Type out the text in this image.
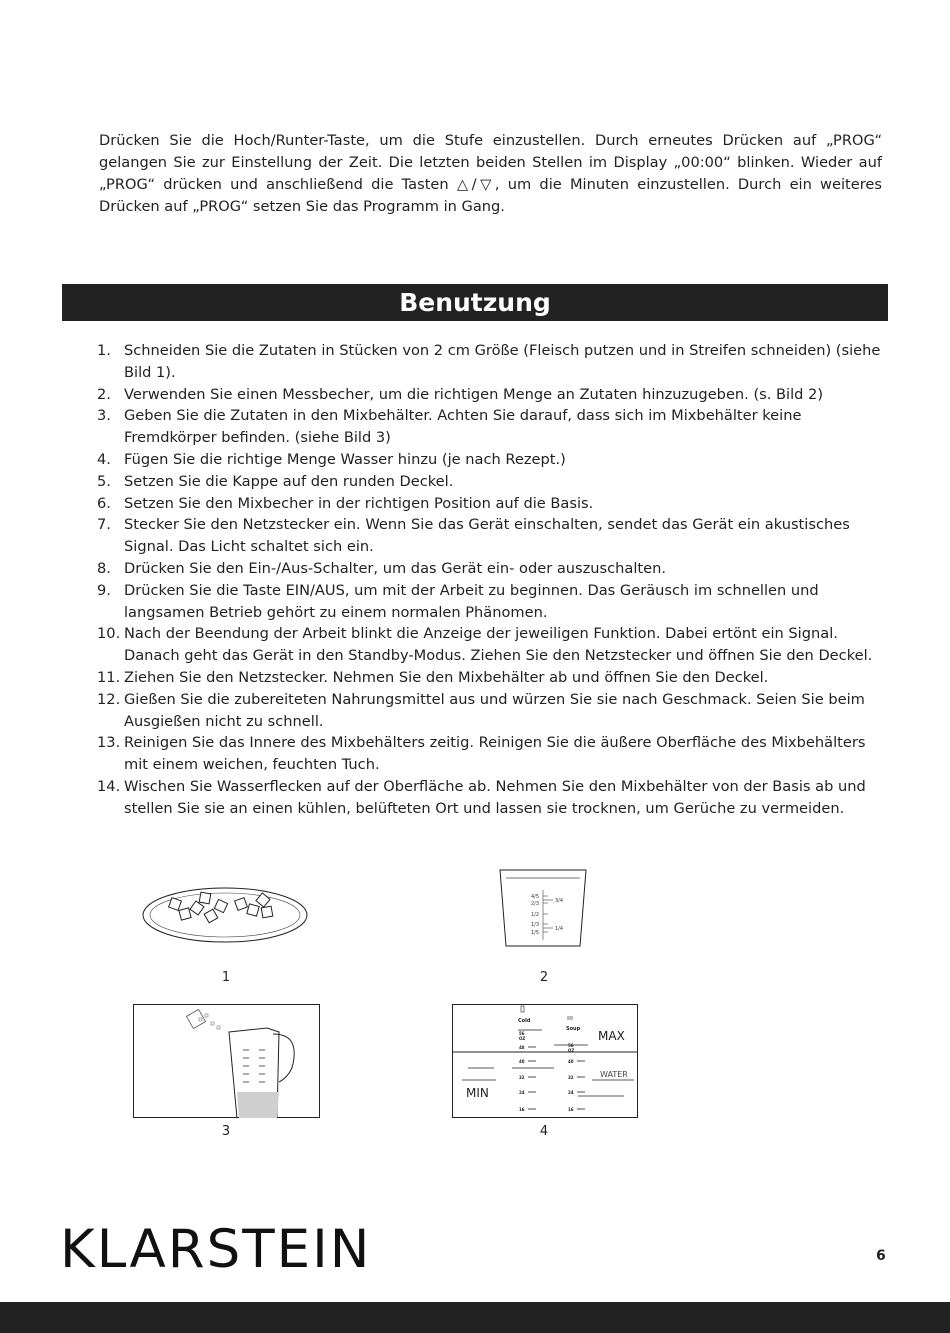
Drücken Sie die Hoch/Runter-Taste, um die Stufe einzustellen. Durch erneutes Drücken auf „PROG“ gelangen Sie zur Einstellung der Zeit. Die letzten beiden Stellen im Display „00:00“ blinken. Wieder auf „PROG“ drücken und anschließend die Tasten △/▽, um die Minuten einzustellen. Durch ein weiteres Drücken auf „PROG“ setzen Sie das Programm in Gang.
Benutzung
1. Schneiden Sie die Zutaten in Stücken von 2 cm Größe (Fleisch putzen und in Streifen schneiden) (siehe Bild 1).
2. Verwenden Sie einen Messbecher, um die richtigen Menge an Zutaten hinzuzugeben. (s. Bild 2)
3. Geben Sie die Zutaten in den Mixbehälter. Achten Sie darauf, dass sich im Mixbehälter keine Fremdkörper befinden. (siehe Bild 3)
4. Fügen Sie die richtige Menge Wasser hinzu (je nach Rezept.)
5. Setzen Sie die Kappe auf den runden Deckel.
6. Setzen Sie den Mixbecher in der richtigen Position auf die Basis.
7. Stecker Sie den Netzstecker ein. Wenn Sie das Gerät einschalten, sendet das Gerät ein akustisches Signal. Das Licht schaltet sich ein.
8. Drücken Sie den Ein-/Aus-Schalter, um das Gerät ein- oder auszuschalten.
9. Drücken Sie die Taste EIN/AUS, um mit der Arbeit zu beginnen. Das Geräusch im schnellen und langsamen Betrieb gehört zu einem normalen Phänomen.
10. Nach der Beendung der Arbeit blinkt die Anzeige der jeweiligen Funktion. Dabei ertönt ein Signal. Danach geht das Gerät in den Standby-Modus. Ziehen Sie den Netzstecker und öffnen Sie den Deckel.
11. Ziehen Sie den Netzstecker. Nehmen Sie den Mixbehälter ab und öffnen Sie den Deckel.
12. Gießen Sie die zubereiteten Nahrungsmittel aus und würzen Sie sie nach Geschmack. Seien Sie beim Ausgießen nicht zu schnell.
13. Reinigen Sie das Innere des Mixbehälters zeitig. Reinigen Sie die äußere Oberfläche des Mixbehälters mit einem weichen, feuchten Tuch.
14. Wischen Sie Wasserflecken auf der Oberfläche ab. Nehmen Sie den Mixbehälter von der Basis ab und stellen Sie sie an einen kühlen, belüfteten Ort und lassen sie trocknen, um Gerüche zu vermeiden.
1
4/5
2/3
1/2
1/3
1/5
3/4
1/4
2
3
Cold
Soup MAX
MIN
WATER
56
OZ
48
40
32
24
16
56
OZ
40
32
24
16
4
KLARSTEIN	6
